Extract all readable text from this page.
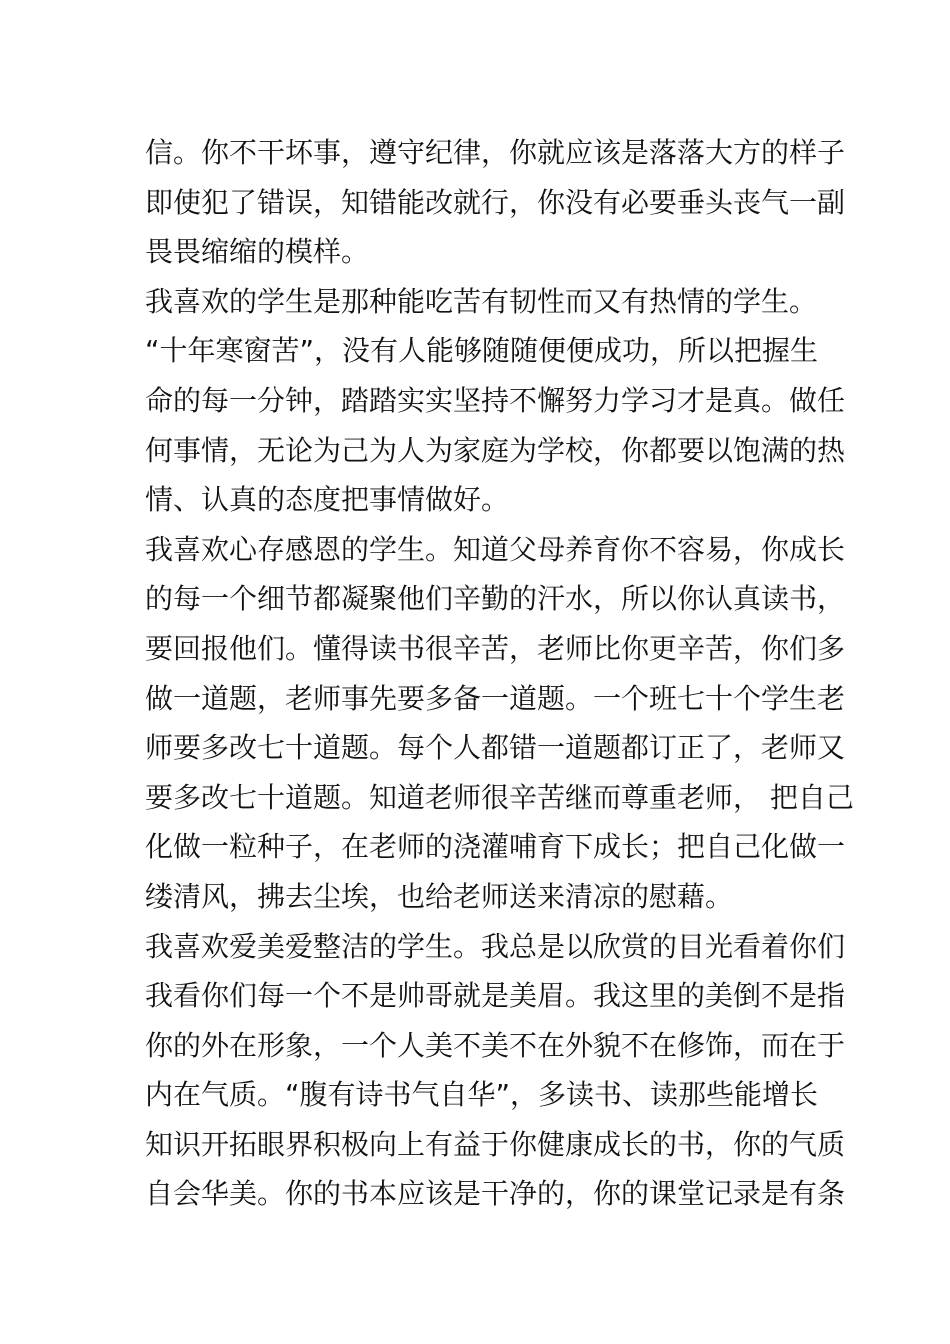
信。你不干坏事，遵守纪律，你就应该是落落大方的样子
即使犯了错误，知错能改就行，你没有必要垂头丧气一副
畏畏缩缩的模样。
我喜欢的学生是那种能吃苦有韧性而又有热情的学生。
“十年寒窗苦”，没有人能够随随便便成功，所以把握生
命的每一分钟，踏踏实实坚持不懈努力学习才是真。做任
何事情，无论为己为人为家庭为学校，你都要以饱满的热
情、认真的态度把事情做好。
我喜欢心存感恩的学生。知道父母养育你不容易，你成长
的每一个细节都凝聚他们辛勤的汗水，所以你认真读书，
要回报他们。懂得读书很辛苦，老师比你更辛苦，你们多
做一道题，老师事先要多备一道题。一个班七十个学生老
师要多改七十道题。每个人都错一道题都订正了，老师又
要多改七十道题。知道老师很辛苦继而尊重老师， 把自己
化做一粒种子，在老师的浇灌哺育下成长；把自己化做一
缕清风，拂去尘埃，也给老师送来清凉的慰藉。
我喜欢爱美爱整洁的学生。我总是以欣赏的目光看着你们
我看你们每一个不是帅哥就是美眉。我这里的美倒不是指
你的外在形象，一个人美不美不在外貌不在修饰，而在于
内在气质。“腹有诗书气自华”，多读书、读那些能增长
知识开拓眼界积极向上有益于你健康成长的书，你的气质
自会华美。你的书本应该是干净的，你的课堂记录是有条
